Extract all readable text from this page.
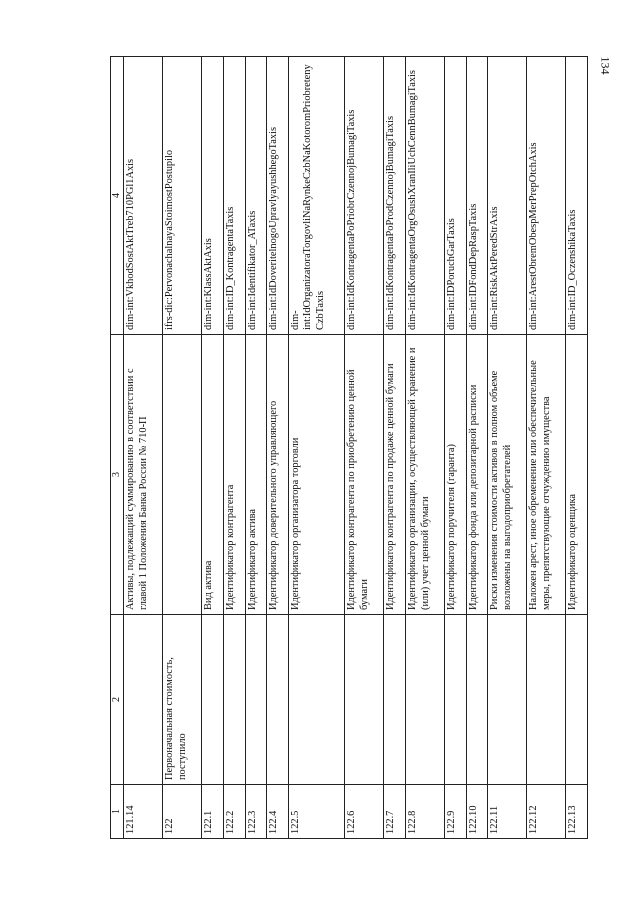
134
1	2	3	4
121.14		Активы, подлежащий суммированию в соответствии с главой 1 Положения Банка России № 710-П	dim-int:VkhodSostAktTreb710PGl1Axis
122	Первоначальная стоимость, поступило		ifrs-dic:PervonachalnayaStoimostPostupilo
122.1		Вид актива	dim-int:KlassAktAxis
122.2		Идентификатор контрагента	dim-int:ID_KontragentaTaxis
122.3		Идентификатор актива	dim-int:Identifikator_ATaxis
122.4		Идентификатор доверительного управляющего	dim-int:IdDoveritelnogoUpravlyayushhegoTaxis
122.5		Идентификатор организатора торговли	dim-int:IdOrganizatoraTorgovliNaRynkeCzbNaKotoromPriobretenyCzbTaxis
122.6		Идентификатор контрагента по приобретению ценной бумаги	dim-int:IdKontragentaPoPriobrCzennojBumagiTaxis
122.7		Идентификатор контрагента по продаже ценной бумаги	dim-int:IdKontragentaPoProdCzennojBumagiTaxis
122.8		Идентификатор организации, осуществляющей хранение и (или) учет ценной бумаги	dim-int:IdKontragentaOrgOsushXranIliUchCennBumagiTaxis
122.9		Идентификатор поручителя (гаранта)	dim-int:IDPoruchGarTaxis
122.10		Идентификатор фонда или депозитарной расписки	dim-int:IDFondDepRaspTaxis
122.11		Риски изменения стоимости активов в полном объеме возложены на выгодоприобретателей	dim-int:RiskAktPeredStrAxis
122.12		Наложен арест, иное обременение или обеспечительные меры, препятствующие отчуждению имущества	dim-int:ArestObremObespMerPrepOtchAxis
122.13		Идентификатор оценщика	dim-int:ID_OczenshikaTaxis
